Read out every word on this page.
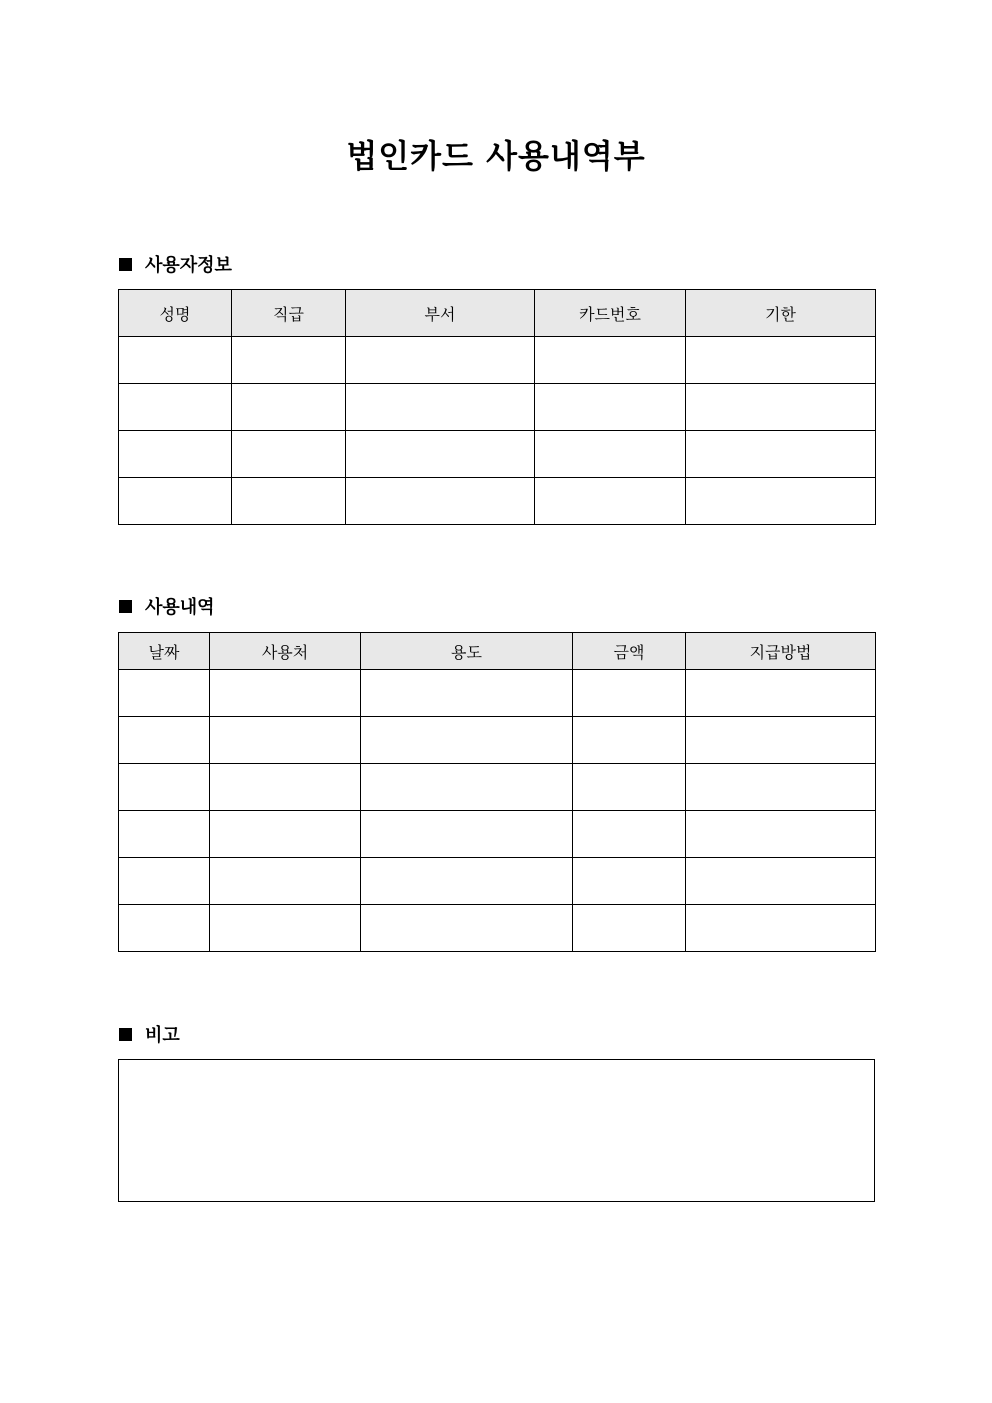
법인카드 사용내역부
사용자정보
성명	직급	부서	카드번호	기한

사용내역
날짜	사용처	용도	금액	지급방법

비고
